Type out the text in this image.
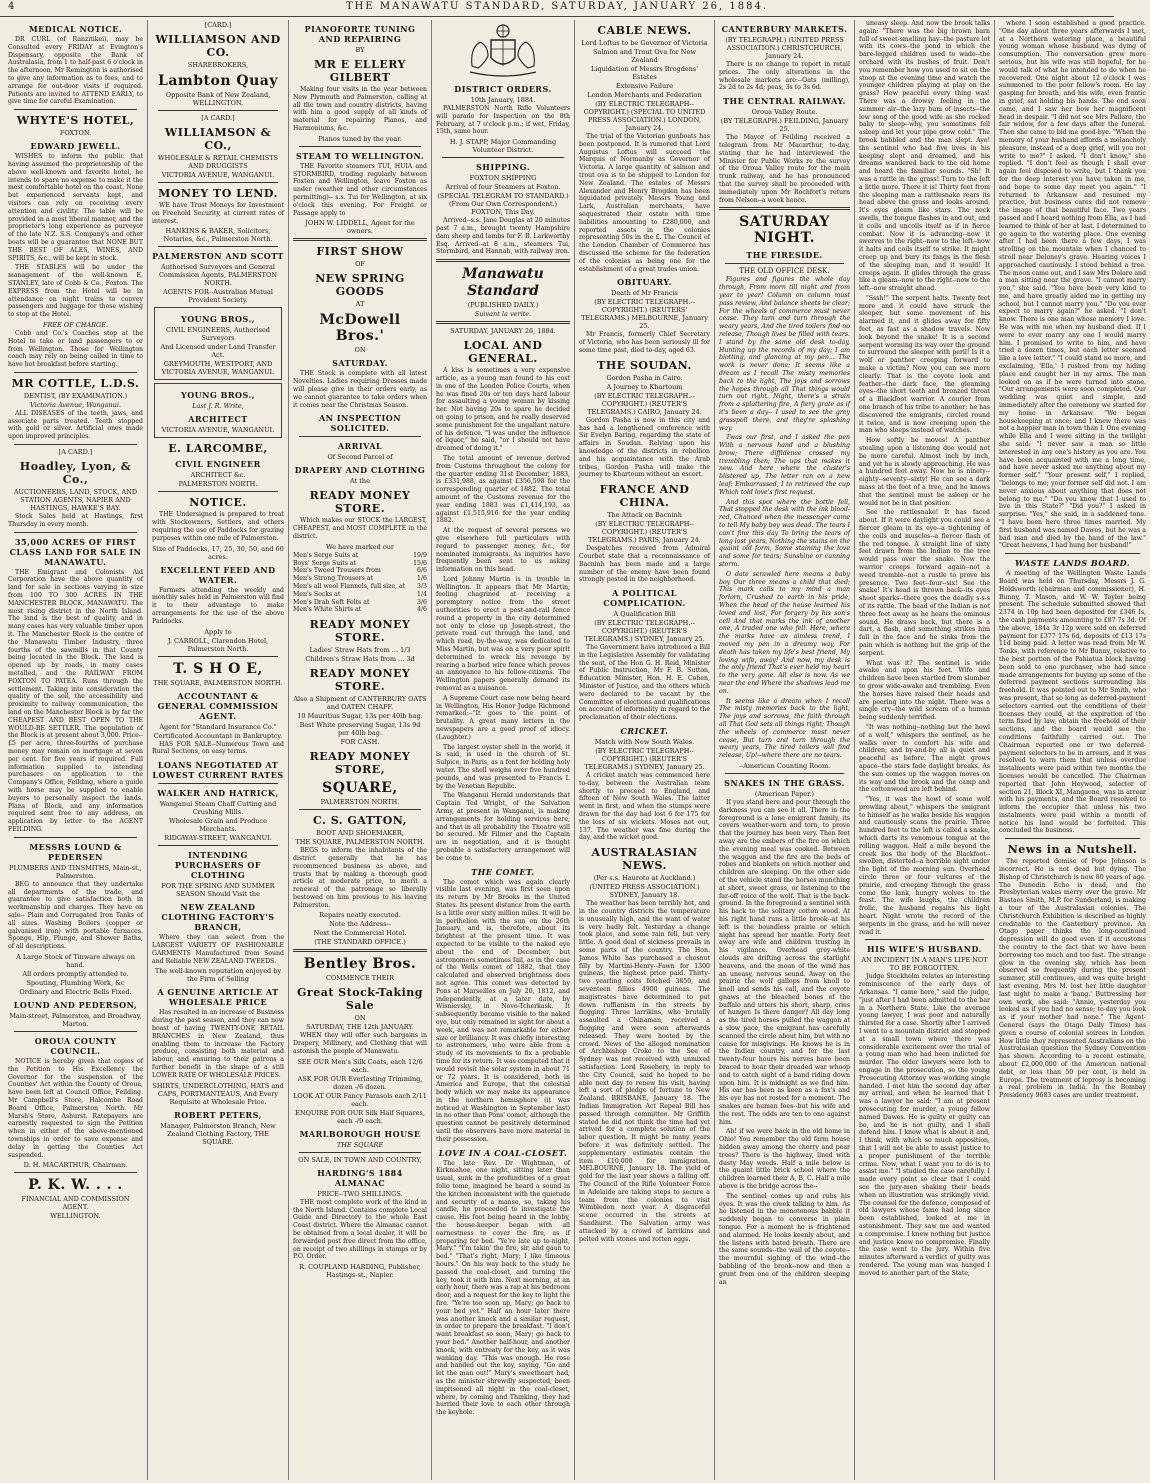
4	THE MANAWATU STANDARD, SATURDAY, JANUARY 26, 1884.
MEDICAL NOTICE.

DR CURL (of Ranzitikei), may be Consulted every FRIDAY at Evington's Dispensary, opposite the Bank of Australasia, from 1 to half-past 6 o'clock in the afternoon. Mr Remington is authorised to give any information as to fees, and to arrange for out-door visits if required. Patients are invited to ATTEND EARLY, to give time for careful Examination.

WHYTE'S HOTEL,
FOXTON.
EDWARD JEWELL.

WISHES to inform the public that having assumed the proprietorship of the above well-known and favorite hotel, he intends to spare no expense to make it the most comfortable hotel on the coast. None but experienced servants kept, and visitors can rely on receiving every attention and civility. The table will be provided in a most liberal manner, and the proprietor's long experience as purveyor of the late N.Z. S.S. Company's and other boats will be a guarantee that NONE BUT THE BEST OF ALES, WINES, AND SPIRITS, &c., will be kept in stock.

THE STABLES will be under the management of the well-known E. STANLEY, late of Cobb & Co., Foxton. The EXPRESS from the Hotel will be in attendance on night trains to convey passengers and luggage for those wishing to stop at the Hotel.

FREE OF CHARGE.

Cobb and Co.'s Coaches stop at the Hotel to take or land passengers to or from Wellington. Those for Wellington coach may rely on being called in time to have hot breakfast before starting.

MR COTTLE, L.D.S.
DENTIST, (BY EXAMINATION.)
Victoria Avenue, Wanganui.

ALL DISEASES of the teeth, jaws, and associate parts treated. Teeth stopped with gold or silver. Artificial ones made upon improved principles.

[A CARD.]
Hoadley, Lyon, & Co.,
AUCTIONEERS, LAND, STOCK, AND STATION AGENTS, NAPIER AND HASTINGS, HAWKE'S BAY.

Stock Sales held at Hastings, first Thursday in every month.

35,000 ACRES OF FIRST CLASS LAND FOR SALE IN MANAWATU.

THE Emigrant and Colonists Aid Corporation have the above quantity of land for sale in sections varying in size from 100 TO 300 ACRES IN THE MANCHESTER BLOCK, MANAWATU. The most rising district in the North Island. The land is the best of quality, and in many cases has very valuable timber upon it. The Manchester Block is the centre of the Manawatu Timber Industry, three fourths of the sawmills in that County being located in the Block. The land is opened up by roads, in many cases metalled, and the RAILWAY FROM FOXTON TO PATEA. Runs through the settlement. Taking into consideration the quality of the soil, the accessibility and proximity to railway communication, the land on the Manchester Block is by far the CHEAPEST AND BEST OPEN TO THE WOULD-BE SETTLER. The population of the Block is at present about 3,000. Price--£5 per acre, three-fourths of purchase money may remain on mortgage at seven per cent. for five years if required. Full information supplied to intending purchasers on application to the Company's Office, Feilding, where a guide with horse may be supplied to enable buyers to personally inspect the lands. Plans of Block, and any information required sent free to any address, on application by letter to the AGENT FEILDING.

MESSRS LOUND & PEDERSEN
PLUMBERS AND TINSMITHS, Main-st., Palmerston.

BEG to announce that they undertake all departments of the trade, and guarantee to give satisfaction both in workmanship and charges. They have on sale-- Plain and Corrugated Iron Tanks of all sizes. Washing Boilers (copper or galvanised iron) with portable furnaces. Sponge, Hip, Plunge, and Shower Baths, of all descriptions.

A Large Stock of Tinware always on hand.
All orders promptly attended to.
Spouting, Plumbing Work, &c
Ordinary and Electric Bells Fixed.
LOUND AND PEDERSON,
Main-street, Palmerston, and Broadway, Marton.
OROUA COUNTY COUNCIL.

NOTICE is hereby given that copies of the Petition to His Excellency the Governor for the suspension of the Counties' Act within the County of Oroua, have been left at Council Office, Feilding. Mr Campbell's Store, Halcombe Road Board Office, Palmerston North. Mr Marsh's Store, Ashurst. Ratepayers are earnestly requested to sign the Petition when in either of the above-mentioned townships in order to save expense and delay in getting the Counties Act suspended.

D. H. MACARTHUR, Chairman.
P. K. W. . . .
FINANCIAL AND COMMISSION AGENT.
WELLINGTON.
[CARD.]
WILLIAMSON AND CO.
SHAREBROKERS,
Lambton Quay
Opposite Bank of New Zealand, WELLINGTON.
[A CARD.]
WILLIAMSON & CO.,
WHOLESALE & RETAIL CHEMISTS AND DRUGGISTS
VICTORIA AVENUE, WANGANUI.
MONEY TO LEND.

WE have Trust Moneys for Investment on Freehold Security, at current rates of interest.

HANKINS & BAKER, Solicitors, Notaries, &c., Palmerston North.
PALMERSTON AND SCOTT
Authorised Surveyors and General Commission Agents, PALMERSTON NORTH.
AGENTS FOR--Australian Mutual Provident Society.
YOUNG BROS.,
CIVIL ENGINEERS, Authorised Surveyors
And Licensed under Land Transfer Act.
GREYMOUTH, WESTPORT, AND VICTORIA AVENUE, WANGANUI.
YOUNG BROS.,
Last J. R. Write,
ARCHITECT
VICTORIA AVENUE, WANGANUI.
E. LARCOMBE,
CIVIL ENGINEER
ARCHITECT &c.
PALMERSTON NORTH.
NOTICE.

THE Undersigned is prepared to treat with Stockowners, Settlers, and others requiring the use of Paddocks for grazing purposes within one mile of Palmerston.

Size of Paddocks, 17, 25, 30, 50, and 60 acres.
EXCELLENT FEED AND WATER.

Farmers attending the weekly and monthly sales held in Palmerston will find it to their advantage to make arrangements for the use of the above Paddocks.

Apply to
J. CARROLL, Clarendon Hotel, Palmerston North.
T. S H O E,
THE SQUARE, PALMERSTON NORTH.
ACCOUNTANT & GENERAL COMMISSION AGENT.
Agent for "Standard Insurance Co."
Certificated Accountant in Bankruptcy.

HAS FOR SALE--Numerous Town and Rural Sections, on easy terms.

LOANS NEGOTIATED AT LOWEST CURRENT RATES
WALKER AND HATRICK,
Wanganui Steam Chaff Cutting and Crushing Mills.
Wholesale Grain and Produce Merchants.
RIDGWAY-STREET, WANGANUI.
INTENDING PURCHASERS OF CLOTHING
FOR THE SPRING AND SUMMER SEASON Should Visit the
NEW ZEALAND CLOTHING FACTORY'S BRANCH,

Where they can select from the LARGEST VARIETY OF FASHIONABLE GARMENTS Manufactured from Sound and Reliable NEW ZEALAND TWEEDS.

The well-known reputation enjoyed by the Firm of Selling
A GENUINE ARTICLE AT WHOLESALE PRICE

Has resulted in an increase of Business during the past season, and they can now boast of having TWENTY-ONE RETAIL BRANCHES in New Zealand, thus enabling them to increase the Factory produce, consisting both material and labour, and ensuring to their patrons a further benefit in the shape of a still LOWER RATE OF WHOLESALE PRICES.

SHIRTS, UNDERCLOTHING, HATS and CAPS, PORTMANTEAUS, And Every Requisite at Wholesale Price.
ROBERT PETERS,
Manager, Palmerston Branch, New Zealand Clothing Factory, THE SQUARE.
PIANOFORTE TUNING AND REPAIRING
BY
MR E ELLERY GILBERT

Making four visits in the year between New Plymouth and Palmerston, calling at all the town and country districts, having with him a good supply of all kinds of material for repairing Pianos, and Harmoniums, &c.

Pianos tuned by the year.
STEAM TO WELLINGTON.

THE Favorite steamers TUI, HUIA and STORMBIRD, trading regularly between Foxton and Wellington, leave Foxton as under (weather and other circumstances permitting)-- s.s. Tui for Wellington, at six o'clock this evening. For Freight or Passage apply to

JOHN W. LIDDELL, Agent for the owners.
FIRST SHOW
OF
NEW SPRING GOODS
AT
McDowell Bros.'
ON
SATURDAY.

THE Stock is complete with all latest Novelties. Ladies requiring Dresses made will please give in their orders early, as we cannot guarantee to take orders when it comes near the Christmas Season.

AN INSPECTION SOLICITED.
ARRIVAL
Of Second Parcel of
DRAPERY AND CLOTHING
At the
READY MONEY STORE.

Which makes our STOCK the LARGEST, CHEAPEST, and MOST COMPLETE in the district.

We have marked our
Men's Serge Suits at	19/9
Boys' Serge Suits at	15/6
Men's Tweed Trousers from	6/6
Men's Strong Trousers at	1/6
Men's all wool Flannels, full size, at 3/3
Men's Socks at	1/4
Men's Drab Soft Felts at	3/6
Men's White Shirts at	4/6
READY MONEY STORE.
Ladies' Straw Hats from ... 1/3
Children's Straw Hats from ... 3d
READY MONEY STORE.
Also a Shipment of CANTERBURY OATS and OATEN CHAFF.
10 Mauritius Sugar, 13s per 40lb bag.
Best White preserving Sugar, 13s 9d per 40lb bag.
FOR CASH.
READY MONEY STORE,
SQUARE,
PALMERSTON NORTH.
C. S. GATTON,
BOOT AND SHOEMAKER,
THE SQUARE, PALMERSTON NORTH.

BEGS to inform the inhabitants of the district generally that he has recommenced business as above, and trusts that by making a thorough good article at moderate price, to merit a renewal of the patronage so liberally bestowed on him previous to his leaving Palmerston.

Repairs neatly executed.
Note the Address--
Next the Commercial Hotel.
(THE STANDARD OFFICE.)
Bentley Bros.
COMMENCE THEIR
Great Stock-Taking Sale
ON
SATURDAY, THE 12th JANUARY.

WHEN they will offer such bargains in Drapery, Millinery, and Clothing that will astonish the people of Manawatu.

SEE OUR Men's Silk Coats, each 12/6 each.
ASK FOR OUR Everlasting Trimming, dozen -/6 dozen.
LOOK AT OUR Fancy Parasols each 2/11 each.
ENQUIRE FOR OUR Silk Half Squares, each -/9 each.
MARLBOROUGH HOUSE
THE SQUARE
ON SALE, IN TOWN AND COUNTRY,
HARDING'S 1884 ALMANAC
PRICE--TWO SHILLINGS.

THE most complete work of the kind in the North Island. Contains complete Local Guide and Directory to the whole East Coast district. Where the Almanac cannot be obtained from a local dealer, it will be forwarded post free direct from the office, on receipt of two shillings in stamps or by P.O. Order.

R. COUPLAND HARDING, Publisher, Hastings-st., Napier.
DISTRICT ORDERS.
10th January, 1884.

PALMERSTON North Rifle Volunteers will parade for Inspection on the 8th February, at 7 o'clock p.m.; if wet, Friday, 15th, same hour.

H. J. STAPP, Major Commanding Volunteer District.
SHIPPING.
FOXTON SHIPPING
Arrival of four Steamers at Foxton.
(SPECIAL TELEGRAM TO STANDARD.) (From Our Own Correspondent.) FOXTON, This Day.

Arrived--s.s. Jane Douglas at 20 minutes past 7 a.m., brought twenty Hampshire dam sheep and lambs for F. B. Larkworthy Esq. Arrived--at 8 a.m., steamers Tui, Stormbird, and Hannah, with railway iron.

Manawatu Standard
(PUBLISHED DAILY.)
Suivant la verite.
SATURDAY, JANUARY 26, 1884.
LOCAL AND GENERAL.

A kiss is sometimes a very expensive article, as a young man found to his cost in one of the London Police Courts, when he was fined 20s or ten days hard labour for assaulting a young woman by kissing her. Not having 20s to spare he decided on going to prison, and he really deserved some punishment for the ungallant nature of his defence. "I was under the influence of liquor," he said, "or I should not have dreamed of doing it."

The total amount of revenue derived from Customs throughout the colony for the quarter ending 31st December, 1883, is £331,988, as against £356,598 for the corresponding quarter of 1882. The total amount of the Customs revenue for the year ending 1883 was £1,414,193, as against £1,515,916 for the year ending 1882.

At the request of several persons we give elsewhere full particulars with regard to passenger money, &c., for nominated immigrants. As inquiries have frequently been sent to us asking information on this head.

Lord Johnny Martin is in trouble in Wellington. It appears that Mr Martin, feeling chagrined at receiving a peremptory notice from the street authorities to erect a post-and-rail fence round a property in the city determined not only to close up Joseph-street, the private road cut through the land, and which road, by-the-way, was dedicated to Miss Martin, but was on a very poor spirit determined to wreck his revenge by rearing a barbed wire fence which proves an annoyance to his fellow-citizens. The Wellington papers generally demand its removal as a nuisance.

A Supreme Court case now being heard in Wellington, His Honor Judge Richmond remarked:--"It goes to the point of brutality. A great many letters in the newspapers are a good proof of idiocy. (Laughter.)

The largest oyster shell in the world, it is said, is used in the church of St. Sulpice, in Paris, as a font for holding holy water. The shell weighs over five hundred pounds, and was presented to Francis I. by the Venetian Republic.

The Wanganui Herald understands that Captain Ted Wright, of the Salvation Army, at present in Wanganui, is making arrangements for holding services here, and that in all probability the Theatre will be secured. Mr Filmer and the Captain are in negotiation, and it is thought probable a satisfactory arrangement will be come to.

THE COMET.

The comet which was again clearly visible last evening, was first seen upon its return by Mr Brooks in the United States. Its present distance from the earth is a little over sixty million miles. It will be in perihelion with the sun on the 26th January, and is, therefore, about its brightest at the present time. It was expected to be visible to the naked eye about the end of December, but astronomers sometimes fail, as in the case of the Wells comet of 1882, that they calculated and observed brightness does not agree. This comet was detected by Pons at Marseilles on July 20, 1812, and independently, at a later date, by Wisnievsky, in Novo-Tcherkask. It subsequently became visible to the naked eye, but only remained in sight for about a week, and was not remarkable for either size or brilliancy. It was chiefly interesting to astronomers, who were able from a study of its movements to fix a probable time for its return. It was computed that it would revisit the solar system in about 71 or 72 years. It is considered, both in America and Europe, that the celestial body which we may make its appearance in the northern hemisphere (it was noticed at Washington in September last) in no other than Pons' comet, although the question cannot be positively determined until the observers have more material in their possession.

LOVE IN A COAL-CLOSET.

The late Rev. Dr Wightman, of Kirkmahoe, one night, sitting later than usual, sunk in the profundities of a great folio tome, imagined he heard a sound in the kitchen inconsistent with the quietude and security of a manse, so, taking his candle, he proceeded to investigate the cause. His foot being heard in the lobby, the house-keeper began with all earnestness to cover the fire, as if preparing for bed. "Ye're late up to-night, Mary." "I'm takin' the fire, sir, and gaun to bed." "That's right, Mary; I like timeous hours." On his way back to the study he passed the coal-closet, and turning the key, took it with him. Next morning, at an early hour, there was a rap at his bedroom door, and a request for the key to light the fire. "Ye're too soon up, Mary; go back to your bed yet." Half an hour later there was another knock and a similar request, in order to prepare the breakfast. "I don't want breakfast so soon, Mary; go back to your bed." Another half-hour, and another knock, with entreaty for the key, as it was wanking day. "This was enough. He rose and handed out the key, saying, "Go and let the man out!" Mary's sweetheart had, as the minister shrewdly suspected, been imprisoned all night in the coal-closet, where, by coming and Thinking, they had hurried their love to each other through the keyhole.

CABLE NEWS.
Lord Loftus to be Governor of Victoria
Salmon and Trout Ova for New Zealand
Liquidation of Messrs Brogdens' Estates
Extensive Failure
London Merchants and Federation
(BY ELECTRIC TELEGRAPH--COPYRIGHT.) (SPECIAL TO UNITED PRESS ASSOCIATION.) LONDON, January 24.

The trial of the Victorian gunboats has been postponed. It is rumored that Lord Augustus Loftus will succeed the Marquis of Normanby as Governor of Victoria. A large quantity of salmon and trout ova is to be shipped to London for New Zealand. The estates of Messrs Alexander and Henry Brogden has been liquidated privately. Messrs Young and Lark, Australian merchants, have sequestrated their estate with time liabilities amounting to £280,000, and reported assets in the colonies representing 50s in the £. The Council of the London Chamber of Commerce has discussed the scheme for the federation of the colonies as being one for the establishment of a great trades union.

OBITUARY.
Death of Mr Francis
(BY ELECTRIC TELEGRAPH.--COPYRIGHT.) (REUTERS' TELEGRAMS.) MELBOURNE, January 25.

Mr Francis, formerly Chief Secretary of Victoria, who has been seriously ill for some time past, died to-day, aged 63.

THE SOUDAN.
Gordon Pasha in Cairo.
A Journey to Khartoum
(BY ELECTRIC TELEGRAPH.--COPYRIGHT.) (REUTER'S TELEGRAMS.) CAIRO, January 24.

Gordon Pasha is now in this city and has had a lengthened conference with Sir Evelyn Baring, regarding the state of affairs in Soudan. Relying upon his knowledge of the districts in rebellion and his acquaintance with the Arab tribes, Gordon Pasha will make the journey to Khartoum without an escort.

FRANCE AND CHINA.
The Attack on Bacninh
(BY ELECTRIC TELEGRAPH--COPYRIGHT.) (REUTER'S TELEGRAMS.) PARIS, January 24.

Despatches received from Admiral Courbet state that a reconnaissance of Bacninh has been made and a large number of the enemy have been found strongly posted in the neighborhood.

A POLITICAL COMPLICATION.
A Qualification Bill
(BY ELECTRIC TELEGRAPH.--COPYRIGHT.) (REUTER'S TELEGRAMS.) SYDNEY, January 25.

The Government have introduced a Bill in the Legislative Assembly for validating the seat, of the Hon G. H. Reid, Minister of Public Instruction, Mr F. B. Sutton, Education Minister, Hon. H. E. Cohen, Minister of Justice, and the others which were declared to be vacant by the Committee of elections and qualifications on account of informality in regard to the proclamation of their elections.

CRICKET.
Match with New South Wales.
(BY ELECTRIC TELEGRAPH--COPYRIGHT.) (REUTER'S TELEGRAMS.) SYDNEY, January 25.

A cricket match was commenced here to-day, between the Australian team shortly to proceed to England, and fifteen of New South Wales. The latter went in first, and when the stumps were drawn for the day had lost 6 for 175 for the loss of six wickets. Moses not out, 137. The weather was fine during the day, and the wicket good.

AUSTRALASIAN NEWS.
(Per s.s. Hauroto at Auckland.)
(UNITED PRESS ASSOCIATION.) SYDNEY, January 18.

The weather has been terribly hot, and in the country districts the temperature is unusually high, and the want of water is very badly felt. Yesterday a change took place, and some rain fell, but very little. A good deal of sickness prevails in some parts of the country. The Hon. James White has purchased a chesnut filly by Martini-Henry--Fawn for 1300 guineas, the highest price paid. Thirty-two yearling colts fetched 3850, and seventeen fillies 4900 guineas. The magistrates have determined to put down ruffianism in the streets by flogging. Three larrikins, who brutally assaulted a Chinaman, received a flogging and were soon afterwards released. They were hooted by the crowd. News of the alleged nomination of Archbishop Croke to the See of Sydney was not received with unmixed satisfaction. Lord Rosebery, in reply to the City Council, said he hoped to be able next day to renew his visit, having left a sort of pledge of fortune to New Zealand. BRISBANE, January 18. The Indian Immigration Act Repeal Bill has passed through committee. Mr Griffith stated he did not think the time had yet arrived for a complete solution of the labor question. It might be many years before it was definitely settled. The supplementary estimates contain the item £10,000 for immigration. MELBOURNE, January 18. The yield of gold for the last year shows a falling off. The Council of the Rifle Volunteer Force in Adelaide are taking steps to secure a team from the colonies to visit Wimbledon next year. A disgraceful scene occurred in the streets at Sandhurst. The Salvation army was attacked by a crowd of larrikins and pelted with stones and rotten eggs.

CANTERBURY MARKETS.
(BY TELEGRAPH.) (UNITED PRESS ASSOCIATION.) CHRISTCHURCH, January 24.

There is no change to report in retail prices. The only alterations in the wholesale markets are:--Oats (milling), 2s 2d to 2s 4d; peas, 3s to 3s 6d.

THE CENTRAL RAILWAY.
Oroua Valley Route.
(BY TELEGRAPH.) FEILDING, January 25.

The Mayor of Feilding received a telegram from Mr Macarthur, to-day, stating that he had interviewed the Minister for Public Works re the survey of the Oroua Valley route for the main trunk railway, and he has pronounced that the survey shall be proceeded with immediately upon Mr Rochfort's return from Nelson--a week hence.

SATURDAY NIGHT.
THE FIRESIDE.
THE OLD OFFICE DESK.

Figures and figures the whole day through, From morn till night and from year to year! Column on column must pass review, And balance sheets be clear; For the wheels of commerce must never cease. They turn and turn through the weary years, And the tired toilers find no release, Though lives be filled with tears. I stand by the same old desk to-day, Hunting up the records of my day; I am blotting, and glancing at my pen... The work is never done; It seems like a dream as I recall The misty memories back to the light, The joys and sorrows the hopes through all That things would turn out right. Night, there's a strain from a splattering fire, A fiery grate as if it's been a day-- I used to see the grey grasspoll there, and they're splashing way.

Twas our first, and I asked the pen With a nervous hand and a blushing brow; There diffidence crossed my trembling then; The ups that makes it now. And here where the cluster's blistered up, The letter ran on a new leaf; Embarrassed, I to retrieved the cup Which told love's first request.

And this spot where the bottle fell, That stopped the desk with the ink blood-red, Chanced when the messenger came to tell My baby boy was dead. The tears I can't fine this day To bring the tears of long lost years, Nothing the stains on the quaint old form, Some staining the love and some for tears; Sunshine or cunning storm.

O date scrawled here means a baby boy Our three means a child that died; This mark calls to my mind a man forlorn, Crushed to earth in his pride, When the head of the house learned his loved and lost, For forgery by his son's cell And that marks the ink of another one, A traded one who fell. Here, where the marks have an aimless trend, I moved my pen in a dreamy way, For death has taken my life's best friend, My loving wife, away! And now, my desk is the only friend That's ever held my heart to the very gone. All else is now. As we near the end Where the shadows lead me on.

It seems like a dream when I recall The misty memories back to the light, The joys and sorrows, the faith through all That God sets all things right; Though the wheels of commerce must never cease, But turn and turn through the weary years, The tired toilers will find release, Up!--where there are no tears.

--American Counting Room.
SNAKES IN THE GRASS.
(American Paper.)

If you stand here and pour through the darkness you can see it all. There in the foreground is a lone emigrant family, its covers weather-worn and torn, to prove that the journey has been very. Then feet away are the embers of the fire on which the evening meal was cooked. Between the waggon and the fire are the beds of robes and blankets on which mother and children are sleeping. On the other side of the vehicle stand the horses munching at short, sweet grass, or listening to the far-off voice of the wolf. That is the back-ground. In the foreground a sentinel with his back to the solitary cotton wood. At his right hand runs a little brook--at his left is the boundless prairie or which night has spread her mantle. Forty feet away are wife and children trusting in his vigilance. Overhead grey-white clouds are drifting across the starlight heavens, and the moan of the wind has an uneasy, nervous sound. Away on the prairie the wolf gallops from knoll to knoll and sends his call, and the coyote gnaws at the bleached bones of the buffalo and utters his short, sharp, cries of hunger. Is there danger? All day long as the tired horses pulled the waggon at a slow pace, the emigrant has carefully scanned the circle about him, but with no cause for misgivings. He knows he is in the Indian country, and for the last twenty-four hours his nerves have been braced to hear their dreaded war whoop and to catch sight of a band riding down upon him. It is midnight as we find him. His ear has been as keen as a fox's and his eye has not rested for a moment. The snakes are human foes--but his wife and the rest. The odds are ten to one against him.

Ah! if we were back in the old home in Ohio! You remember the old farm house hidden away among the cherry and pear trees? There is the highway, lined with dusty May weeds. Half a mile below is the quaint little brick school where the children learned their A, B, C. Half a mile above is the bridge across the--

The sentinel comes up and rubs his eyes. It was the creek talking to him. As he listened in the monotonous babble it suddenly began to converse in plain tongue. For a moment he is frightened and alarmed. He looks keenly about, and the listens with bated breath. There are the same sounds--the wail of the coyote--the mournful sighing of the wind--the babbling of the brook--now and then a grunt from one of the children sleeping an

uneasy sleep. And now the brook talks again: "There was the big brown barn full of sweet-smelling hay--the pasture lot with its cows--the pond in which the bare-legged children used to wade--the orchard with its bushes of fruit. Don't you remember how you used to sit on the stoop at the evening time and watch the younger children playing at play on the grass? How peaceful every thing was! There was a drowsy feeling in the summer air--the lazy hum of insects--the low song of the good wife as she rocked baby to sleep--why, you sometimes fell asleep and let your pipe grow cold." The brook babbled and the man slept. Aye! the sentinel who had five lives in his keeping slept and dreamed, and his dreams wandered back to the old home and heard the familiar sounds. "Sh! It was a rattle in the grass! Turn to the left a little more. There it is! Thirty feet from the sleeping man a rattlesnake rears its head above the grass and looks around. It's eyes gleam like stars. The neck swells, the tongue flashes in and out, and it coils and uncoils itself as if in fierce combat. Now it is advancing--now it swerves to the right--now to the left--now it halts and coils itself to strike. It might creep up and bury its fangs in the flesh of the sleeping man, and it would! It creeps again. It glides through the grass like a gleam--now to the right--now to the left--now straight ahead.

"Sssh!" The serpent halts. Twenty feet more and it could have struck the sleeper, but some movement of his alarmed it, and it glides away for fifty feet, as fast as a shadow travels. Now look beyond the snake! It is a second serpent worming its way over the ground to surround the sleeper with peril! Is it a wolf or panther creeping forward to make a victim? Now you can see more clearly. That is the coyote look and feather--the dark face, the gleaming eyes--the short teeth and bronzed throat of a Blackfoot warrior. A courier from one branch of his tribe to another; he has discovered the emigrants, circled round it twice, and is now creeping upon the man who sleeps instead of watches.

How softly he moves! A panther stealing upon a listening doe would not be more careful. Almost inch by inch, and yet he is slowly approaching. He was a hundred feet away. Now he is ninety--eighty--seventy--sixty! He can see a dark mass at the foot of a tree, and he knows that the sentinel must be asleep or he would not be in that position.

See the rattlesnake! It has faced about. If it were daylight you could see a fiercer gleam in its eye--a tightening of the coils and muscles--a fiercer flash of the red tongue. A straight line of sixty feet drawn from the Indian to the tree would pass over the snake. Now the warrior creeps forward again--not a weed tremble--not a rustle to prove his presence. Two feet--four--six! See the snake! It's head is thrown back--its eyes shoot sparks--there goes the deadly s-s-s of its rattle. The head of the Indian is not three feet away as he hears the ominous sound. He draws back, but there is a dart, a flash, and something strikes him full in the face and he sinks from the pain which is nothing but the grip of the serpent.

What was it? The sentinel is wide awake and upon his feet. Wife and children have been startled from slumber to grow wide-awake and trembling. Even the horses have raised their heads and are peering into the night. There was a single cry--the wild scream of a human being suddenly terrified.

"It was nothing--nothing but the howl of a wolf," whispers the sentinel, as he walks over to comfort his wife and children; and by-and-by all is quiet and peaceful as before. The night grows apace--the stars fade daylight breaks. As the sun comes up the waggon moves on its way and the brook and the camp and the cottonwood are left behind.

"Yes, it was the howl of some wolf prowling about," whispers the emigrant to himself as he walks beside his waggon and cautiously scans the prairie. Three hundred feet to the left is called a snake, which darts its venomous tongue at the rolling waggon. Half a mile beyond the creek lies the body of the Blackfoot--swollen, distorted--a horrible sight under the light of the morning sun. Overhead circle three or four vultures of the prairie, and creeping through the grass come the lank, hungry wolves to the feast. The wife laughs, the children frolic, the husband regains his light heart. Night wrote the record of the serpents in the grass, and he will never read it.

HIS WIFE'S HUSBAND.
AN INCIDENT IN A MAN'S LIFE NOT TO BE FORGOTTEN.

Judge Stockholm relates an interesting reminiscence of the early days of Arkansas. "I came here," said the judge, "just after I had been admitted to the bar in a Northern State. Like the average young lawyer, I was poor and naturally thirsted for a case. Shortly after I arrived I went to a mountain district and stopped at a small town where there was considerable excitement over the trial of a young man who had been indicted for murder. The older lawyers were loth to engage in the prosecution, so the young Prosecuting Attorney was working single handed. I met him the second day after my arrival, and when he learned that I was a lawyer he said: "I am at present prosecuting for murder, a young fellow named Dawes. He is guilty or guilty can be, and he is not guilty, and I shall defend him. I know what is about it and, I think, with which so much opposition, that I will not be able to assist justice to a proper punishment of the terrible crime. Now, what I want you to do is to assist me." "I studied the case carefully. I made every point so clear that I could see the jury-men shaking their heads when an illustration was strikingly vivid. The counsel for the defence, composed of old lawyers whose fame had long since been established, looked at me in astonishment. They saw me and wanted a compromise. I knew nothing but justice and justice knew no compromise. Finally the case went to the jury. Within five minutes afterward a verdict of guilty was rendered. The young man was hanged I moved to another part of the State,

where I soon established a good practice. "One day about three years afterwards I met, at a Northern watering place, a beautiful young woman whose husband was dying of consumption. The conversation grew more serious, but his wife was still hopeful, for he would talk of what he intended to do when he recovered. One night about 12 o'clock I was summoned to the poor fellow's room. He lay gasping for breath, and his wife, even frantic in grief, sat holding his hands. The end soon came, and I saw her bow her magnificent head in despair. "I did not see Mrs Pallare, the fair widow, for a few days after the funeral. Then she came to bid me good-bye. "When the memory of your husband affords a melancholy pleasure, instead of a deep grief, will you not write to me?" I asked. "I don't know," she replied. "I don't feel as though I shall ever again feel disposed to write, but I thank you for the deep interest you have taken in me, and hope to some day meet you again." "I returned to Arkansaw and resumed my practice, but business cares did not remove the image of that beautiful face. Two years passed and I heard nothing from Ella, as I had learned to think of her at last. I determined to go again to the watering place. One evening after I had been there a few days, I was strolling on the mountain when I chanced to stroll near Deloney's grave. Hearing voices I approached cautiously. I stood behind a tree. The moon came out, and I saw Mrs Dolare and a man sitting near the grave. "I cannot marry you," she said. "You have been very kind to me, and have greatly aided me in getting my school, but I cannot marry you." "Do you ever expect to marry again?" he asked. "I don't know. There is one man whose memory I love. He was with me when my husband died. If I were to ever marry any one I would marry him. I promised to write to him, and have tried a dozen times, but each letter seemed like a love letter." "I could stand no more, and exclaiming, 'Ella,' I rushed from my hiding place and caught her in my arms. The man looked on as if he were turned into stone. "Our arrangements were soon completed. Our wedding was quiet and simple, and immediately after the ceremony we started for my home in Arkansaw. "We began housekeeping at once; and I knew there was not a happier man in town than I. One evening while Ella and I were sitting in the twilight she said: "I never saw a man so little interested in any one's history as you are. You have been acquainted with me a long time, and have never asked me anything about my former self." "Your present self," I replied, "belongs to me; your former self did not. I am never anxious about anything that does not belong to me." "Do you know that I used to live in this State?" "Did you?" I asked in surprise. "Yes," she said, in a saddened tone. "I have been here three times married. My first husband was named Dawes, but he was a bad man and died by the hand of the law." "Great heavens, I had hung her husband!"

WASTE LANDS BOARD.

A meeting of the Wellington Waste Lands Board was held on Thursday, Messrs J. G. Holdsworth (chairman and commissioner), H. Bunny, T. Mason, and W. W. Taylor being present. The schedule submitted showed that 2374 in 10p had been deposited for £346 Is, the cash payments amounting to £87 7s 3d. Of the above, 184a 3r 12p were sold on deferred payment for £377 17s 6d, deposits of £13 17s 11d being paid. A letter was read from Mr W. Tonks, with reference to Mr Bunny, relative to the best portion of the Pahiatua block having been sold to one purchaser, who had since made arrangements for buying up some of the deferred payment sections surrounding his freehold. It was pointed out to Mr Smith, who was present, that so long as deferred-payment selectors carried out the conditions of their licenses they could, at the expiration of the term fixed by law, obtain the freehold of their sections, and the board would see the conditions faithfully carried out. The Chairman reported one or two deferred-payment selectors to be in arrears, and it was resolved to warn them that unless overdue instalments were paid within two months the licenses would be cancelled. The Chairman reported that John Heywood, selector of section 21, Block XI, Mangaone, was in arrear with his payments, and the Board resolved to inform the occupier that unless his two instalments were paid within a month of notice his land would be forfeited. This concluded the business.

News in a Nutshell.

The reported demise of Pope Johnson is incorrect. He is not dead but dying. The Bishop of Christchurch is now 80 years of age. The Dunedin Echo is dead, and the Presbyterian wakes merry over the grave. Mr Bastaes Smith, M.P. for Sunderland, is making a tour of the Australasian colonies. The Christchurch Exhibition is described as highly creditable to the Canterbury province. An Otago paper thinks the long-continued depression will do good even if it accustoms the country to the fact that we have been borrowing too much and too fast. The strange glow in the evening sky, which has been observed so frequently during the present summer, still continues, and was quite bright last evening. Mrs M. lost her little daughter last night to make a 'bang.' Buttressing her own work, she said: "Annie, yesterday you looked as if you had no sense; to-day you look as if your mother had none." The Agent-General (says the Otago Daily Times) has given a course of colonial soirees in London. How little they represented Australians on the Australasian question the Sydney Convention has shown. According to a recent estimate, about £2,000,000 of the American national debt, or less than 50 per cent, is held in Europe. The treatment of leprosy is becoming a real problem in India. In the Bombay Presidency 9683 cases are under treatment.
